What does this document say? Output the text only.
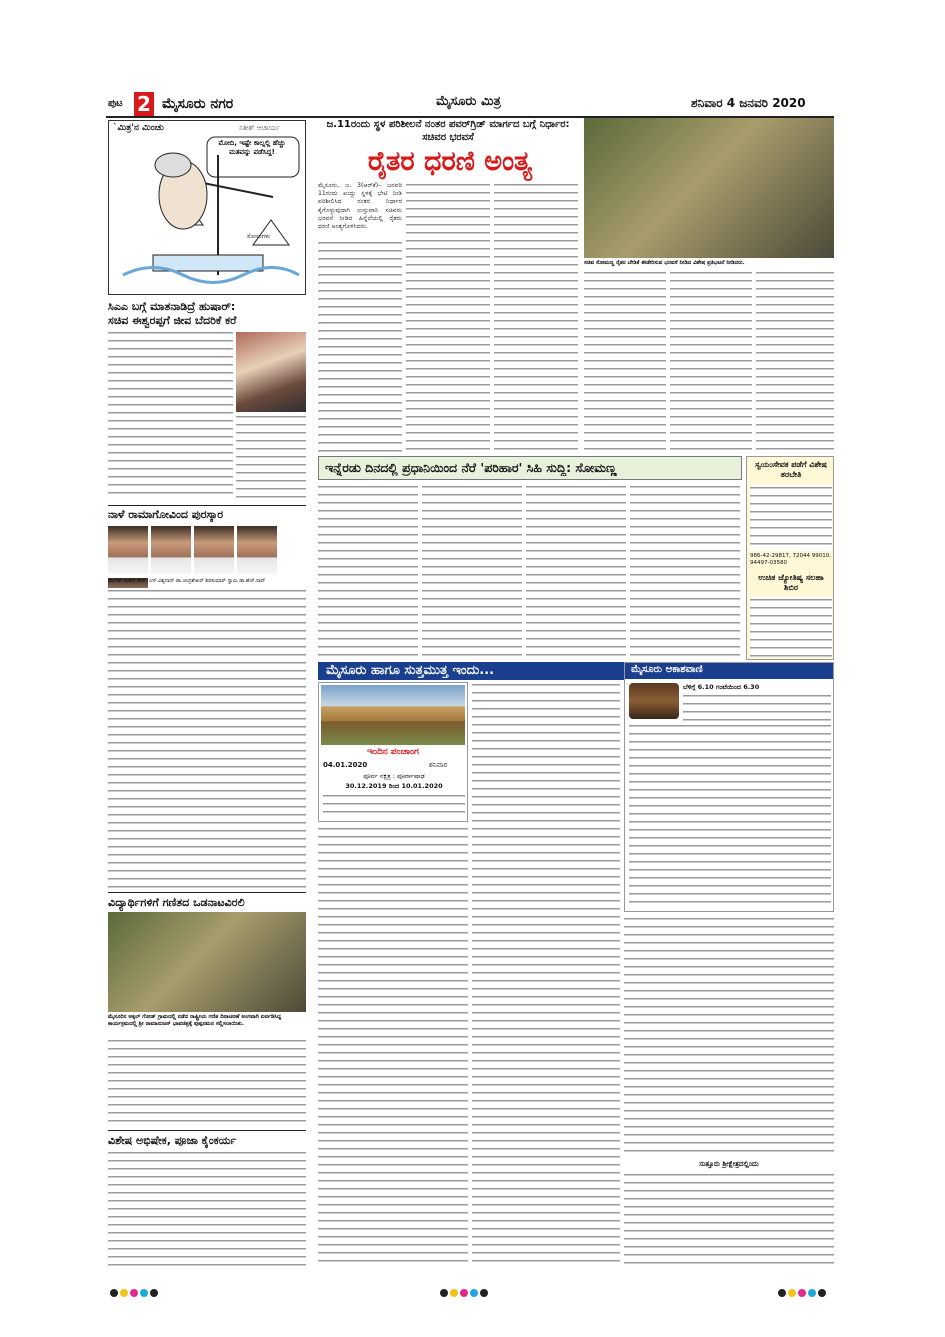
ಪುಟ 2 ಮೈಸೂರು ನಗರ	ಮೈಸೂರು ಮಿತ್ರ	ಶನಿವಾರ 4 ಜನವರಿ 2020
`ಮಿತ್ರ'ನ ಮಿಂಚು	ಸತೀಶ್ ಆಚಾರ್ಯ
ಮೋದಿ, ಇಷ್ಟೇ ಕಾಲ್ನಲ್ಲಿ ಹೆಚ್ಚು ಮತವನ್ನು ಪಡೆಸಿದ್ದ!
ಸೋಲುಗಳು
ಸಿಎಎ ಬಗ್ಗೆ ಮಾತನಾಡಿದ್ರೆ ಹುಷಾರ್:
ಸಚಿವ ಈಶ್ವರಪ್ಪಗೆ ಜೀವ ಬೆದರಿಕೆ ಕರೆ
ನಾಳೆ ರಾಮಾಗೋವಿಂದ ಪುರಸ್ಕಾರ
ಹಾಲೇಶ್ ಶಂಕರ್ ಹೆಚ್. ಎಸ್.ವಿಶ್ವನಾಥ್ ಡಾ.ಚಂದ್ರಶೇಖರ್ ಶಿವಕುಮಾರ್ ಸ್ವಾಮಿ ಡಾ.ಹೆಚ್.ರಾವ್
ವಿದ್ಯಾರ್ಥಿಗಳಿಗೆ ಗಣಿತದ ಒಡನಾಟವಿರಲಿ
ಮೈಸೂರಿನ ಅಕ್ಕಲ್ ಗೋಡ್ ಗ್ರಾಮದಲ್ಲಿ ನಡೆದ ರಾಷ್ಟ್ರೀಯ ಗಣಿತ ದಿನಾಚರಣೆ ಅಂಗವಾಗಿ ಏರ್ಪಡಿಸಿದ್ದ ಕಾರ್ಯಕ್ರಮದಲ್ಲಿ ಶ್ರೀ ರಾಮಾನುಜನ್ ಭಾವಚಿತ್ರಕ್ಕೆ ಪುಷ್ಪನಮನ ಸಲ್ಲಿಸಲಾಯಿತು.
ವಿಶೇಷ ಅಭಿಷೇಕ, ಪೂಜಾ ಕೈಂಕರ್ಯ
ಜ.11ರಂದು ಸ್ಥಳ ಪರಿಶೀಲನೆ ನಂತರ ಪವರ್‌ಗ್ರಿಡ್ ಮಾರ್ಗದ ಬಗ್ಗೆ ನಿರ್ಧಾರ: ಸಚಿವರ ಭರವಸೆ
ರೈತರ ಧರಣಿ ಅಂತ್ಯ
ಸಚಿವ ಸೋಮಣ್ಣ ರೈತರ ಬೇಡಿಕೆ ಈಡೇರಿಸುವ ಭರವಸೆ ನೀಡಿದ ವಿಶೇಷ ಪ್ರತಿಭಟನೆ ನೀಡಿದರು.
ಮೈಸೂರು, ಜ. 3(ಆರ್‌ಕೆ)– ಜನವರಿ 11ರಂದು ಖುದ್ದು ಸ್ಥಳಕ್ಕೆ ಭೇಟಿ ನೀಡಿ ಪರಿಶೀಲಿಸಿದ ನಂತರ ನಿರ್ಧಾರ ಕೈಗೊಳ್ಳುವುದಾಗಿ ಉಸ್ತುವಾರಿ ಸಚಿವರು ಭರವಸೆ ನೀಡಿದ ಹಿನ್ನೆಲೆಯಲ್ಲಿ ರೈತರು ಧರಣಿ ಅಂತ್ಯಗೊಳಿಸಿದರು.
ಇನ್ನೆರಡು ದಿನದಲ್ಲಿ ಪ್ರಧಾನಿಯಿಂದ ನೆರೆ 'ಪರಿಹಾರ' ಸಿಹಿ ಸುದ್ದಿ: ಸೋಮಣ್ಣ	ಸ್ವಯಂಸೇವಕ ಪಡೆಗೆ ವಿಶೇಷ ತರಬೇತಿ
986-42-29817, 72044 99010, 94497-03580
ಉಚಿತ ಜ್ಯೋತಿಷ್ಯ ಸಲಹಾ ಶಿಬಿರ
ಮೈಸೂರು ಹಾಗೂ ಸುತ್ತಮುತ್ತ ಇಂದು...
ಇಂದಿನ ಪಂಚಾಂಗ
04.01.2020	ಶನಿವಾರ
ಪೂರ್ವ ನಕ್ಷತ್ರ : ಪೂರ್ವಾಷಾಢ
30.12.2019 ರಿಂದ 10.01.2020
ಮೈಸೂರು ಆಕಾಶವಾಣಿ
ಬೆಳಿಗ್ಗೆ 6.10 ಗಂಟೆಯಿಂದ 6.30
ಸುತ್ತೂರು ಶ್ರೀಕ್ಷೇತ್ರದಲ್ಲಿಂದು
